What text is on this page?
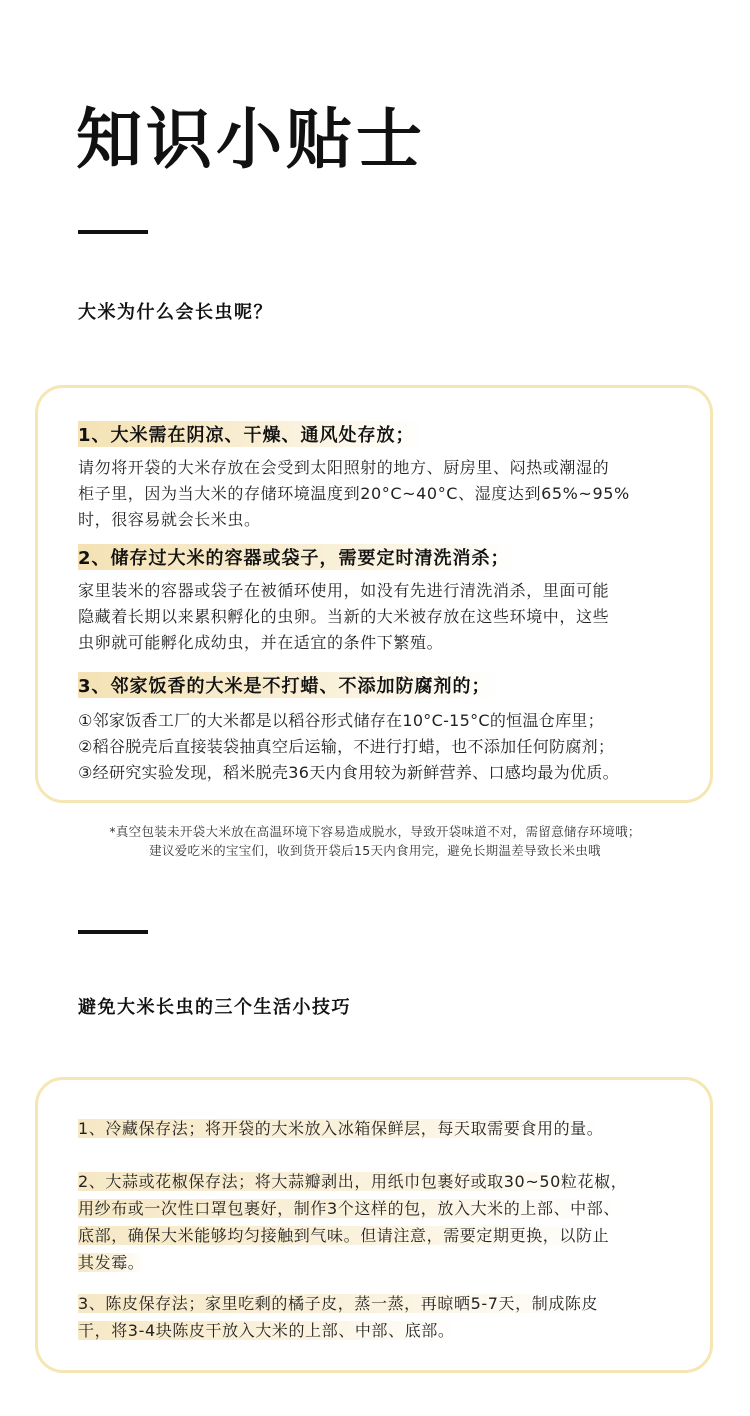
知识小贴士
大米为什么会长虫呢？
1、大米需在阴凉、干燥、通风处存放；
请勿将开袋的大米存放在会受到太阳照射的地方、厨房里、闷热或潮湿的
柜子里，因为当大米的存储环境温度到20°C~40°C、湿度达到65%~95%
时，很容易就会长米虫。
2、储存过大米的容器或袋子，需要定时清洗消杀；
家里装米的容器或袋子在被循环使用，如没有先进行清洗消杀，里面可能
隐藏着长期以来累积孵化的虫卵。当新的大米被存放在这些环境中，这些
虫卵就可能孵化成幼虫，并在适宜的条件下繁殖。
3、邻家饭香的大米是不打蜡、不添加防腐剂的；
①邻家饭香工厂的大米都是以稻谷形式储存在10°C-15°C的恒温仓库里；
②稻谷脱壳后直接装袋抽真空后运输，不进行打蜡，也不添加任何防腐剂；
③经研究实验发现，稻米脱壳36天内食用较为新鲜营养、口感均最为优质。
*真空包装未开袋大米放在高温环境下容易造成脱水，导致开袋味道不对，需留意储存环境哦；
建议爱吃米的宝宝们，收到货开袋后15天内食用完，避免长期温差导致长米虫哦
避免大米长虫的三个生活小技巧
1、冷藏保存法；将开袋的大米放入冰箱保鲜层，每天取需要食用的量。
2、大蒜或花椒保存法；将大蒜瓣剥出，用纸巾包裹好或取30~50粒花椒，
用纱布或一次性口罩包裹好，制作3个这样的包，放入大米的上部、中部、
底部，确保大米能够均匀接触到气味。但请注意，需要定期更换，以防止
其发霉。
3、陈皮保存法；家里吃剩的橘子皮，蒸一蒸，再晾晒5-7天，制成陈皮
干，将3-4块陈皮干放入大米的上部、中部、底部。
